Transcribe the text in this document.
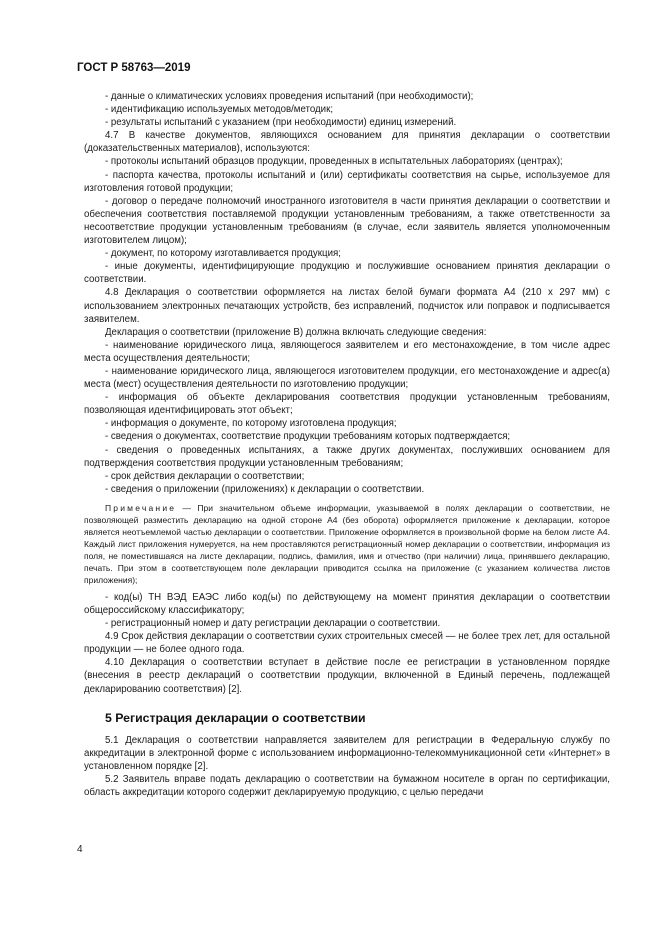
ГОСТ Р 58763—2019

- данные о климатических условиях проведения испытаний (при необходимости);

- идентификацию используемых методов/методик;

- результаты испытаний с указанием (при необходимости) единиц измерений.

4.7 В качестве документов, являющихся основанием для принятия декларации о соответствии (доказательственных материалов), используются:

- протоколы испытаний образцов продукции, проведенных в испытательных лабораториях (центрах);

- паспорта качества, протоколы испытаний и (или) сертификаты соответствия на сырье, используемое для изготовления готовой продукции;

- договор о передаче полномочий иностранного изготовителя в части принятия декларации о соответствии и обеспечения соответствия поставляемой продукции установленным требованиям, а также ответственности за несоответствие продукции установленным требованиям (в случае, если заявитель является уполномоченным изготовителем лицом);

- документ, по которому изготавливается продукция;

- иные документы, идентифицирующие продукцию и послужившие основанием принятия декларации о соответствии.

4.8 Декларация о соответствии оформляется на листах белой бумаги формата А4 (210 х 297 мм) с использованием электронных печатающих устройств, без исправлений, подчисток или поправок и подписывается заявителем.

Декларация о соответствии (приложение В) должна включать следующие сведения:

- наименование юридического лица, являющегося заявителем и его местонахождение, в том числе адрес места осуществления деятельности;

- наименование юридического лица, являющегося изготовителем продукции, его местонахождение и адрес(а) места (мест) осуществления деятельности по изготовлению продукции;

- информация об объекте декларирования соответствия продукции установленным требованиям, позволяющая идентифицировать этот объект;

- информация о документе, по которому изготовлена продукция;

- сведения о документах, соответствие продукции требованиям которых подтверждается;

- сведения о проведенных испытаниях, а также других документах, послуживших основанием для подтверждения соответствия продукции установленным требованиям;

- срок действия декларации о соответствии;

- сведения о приложении (приложениях) к декларации о соответствии.

Примечание — При значительном объеме информации, указываемой в полях декларации о соответствии, не позволяющей разместить декларацию на одной стороне А4 (без оборота) оформляется приложение к декларации, которое является неотъемлемой частью декларации о соответствии. Приложение оформляется в произвольной форме на белом листе А4. Каждый лист приложения нумеруется, на нем проставляются регистрационный номер декларации о соответствии, информация из поля, не поместившаяся на листе декларации, подпись, фамилия, имя и отчество (при наличии) лица, принявшего декларацию, печать. При этом в соответствующем поле декларации приводится ссылка на приложение (с указанием количества листов приложения);

- код(ы) ТН ВЭД ЕАЭС либо код(ы) по действующему на момент принятия декларации о соответствии общероссийскому классификатору;

- регистрационный номер и дату регистрации декларации о соответствии.

4.9 Срок действия декларации о соответствии сухих строительных смесей — не более трех лет, для остальной продукции — не более одного года.

4.10 Декларация о соответствии вступает в действие после ее регистрации в установленном порядке (внесения в реестр деклараций о соответствии продукции, включенной в Единый перечень, подлежащей декларированию соответствия) [2].

5 Регистрация декларации о соответствии

5.1 Декларация о соответствии направляется заявителем для регистрации в Федеральную службу по аккредитации в электронной форме с использованием информационно-телекоммуникационной сети «Интернет» в установленном порядке [2].

5.2 Заявитель вправе подать декларацию о соответствии на бумажном носителе в орган по сертификации, область аккредитации которого содержит декларируемую продукцию, с целью передачи

4
